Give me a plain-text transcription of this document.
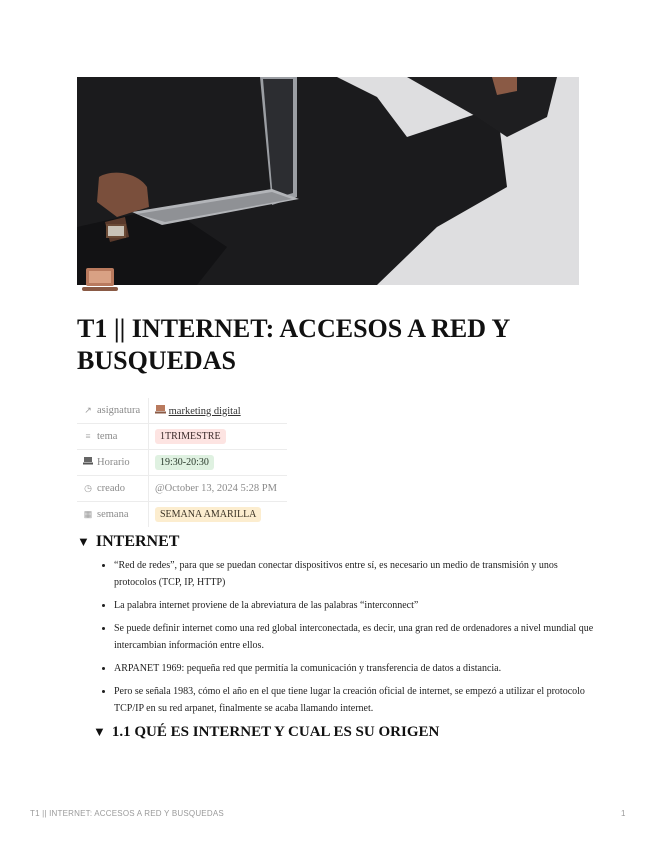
T1 || INTERNET: ACCESOS A RED Y BUSQUEDAS
↗ asignatura	marketing digital
≡ tema	1TRIMESTRE
Horario	19:30-20:30
◷ creado	@October 13, 2024 5:28 PM
▦ semana	SEMANA AMARILLA
▼ INTERNET
• “Red de redes”, para que se puedan conectar dispositivos entre sí, es necesario un medio de transmisión y unos protocolos (TCP, IP, HTTP)
• La palabra internet proviene de la abreviatura de las palabras “interconnect”
• Se puede definir internet como una red global interconectada, es decir, una gran red de ordenadores a nivel mundial que intercambian información entre ellos.
• ARPANET 1969: pequeña red que permitía la comunicación y transferencia de datos a distancia.
• Pero se señala 1983, cómo el año en el que tiene lugar la creación oficial de internet, se empezó a utilizar el protocolo TCP/IP en su red arpanet, finalmente se acaba llamando internet.
▼ 1.1 QUÉ ES INTERNET Y CUAL ES SU ORIGEN
T1 || INTERNET: ACCESOS A RED Y BUSQUEDAS	1
